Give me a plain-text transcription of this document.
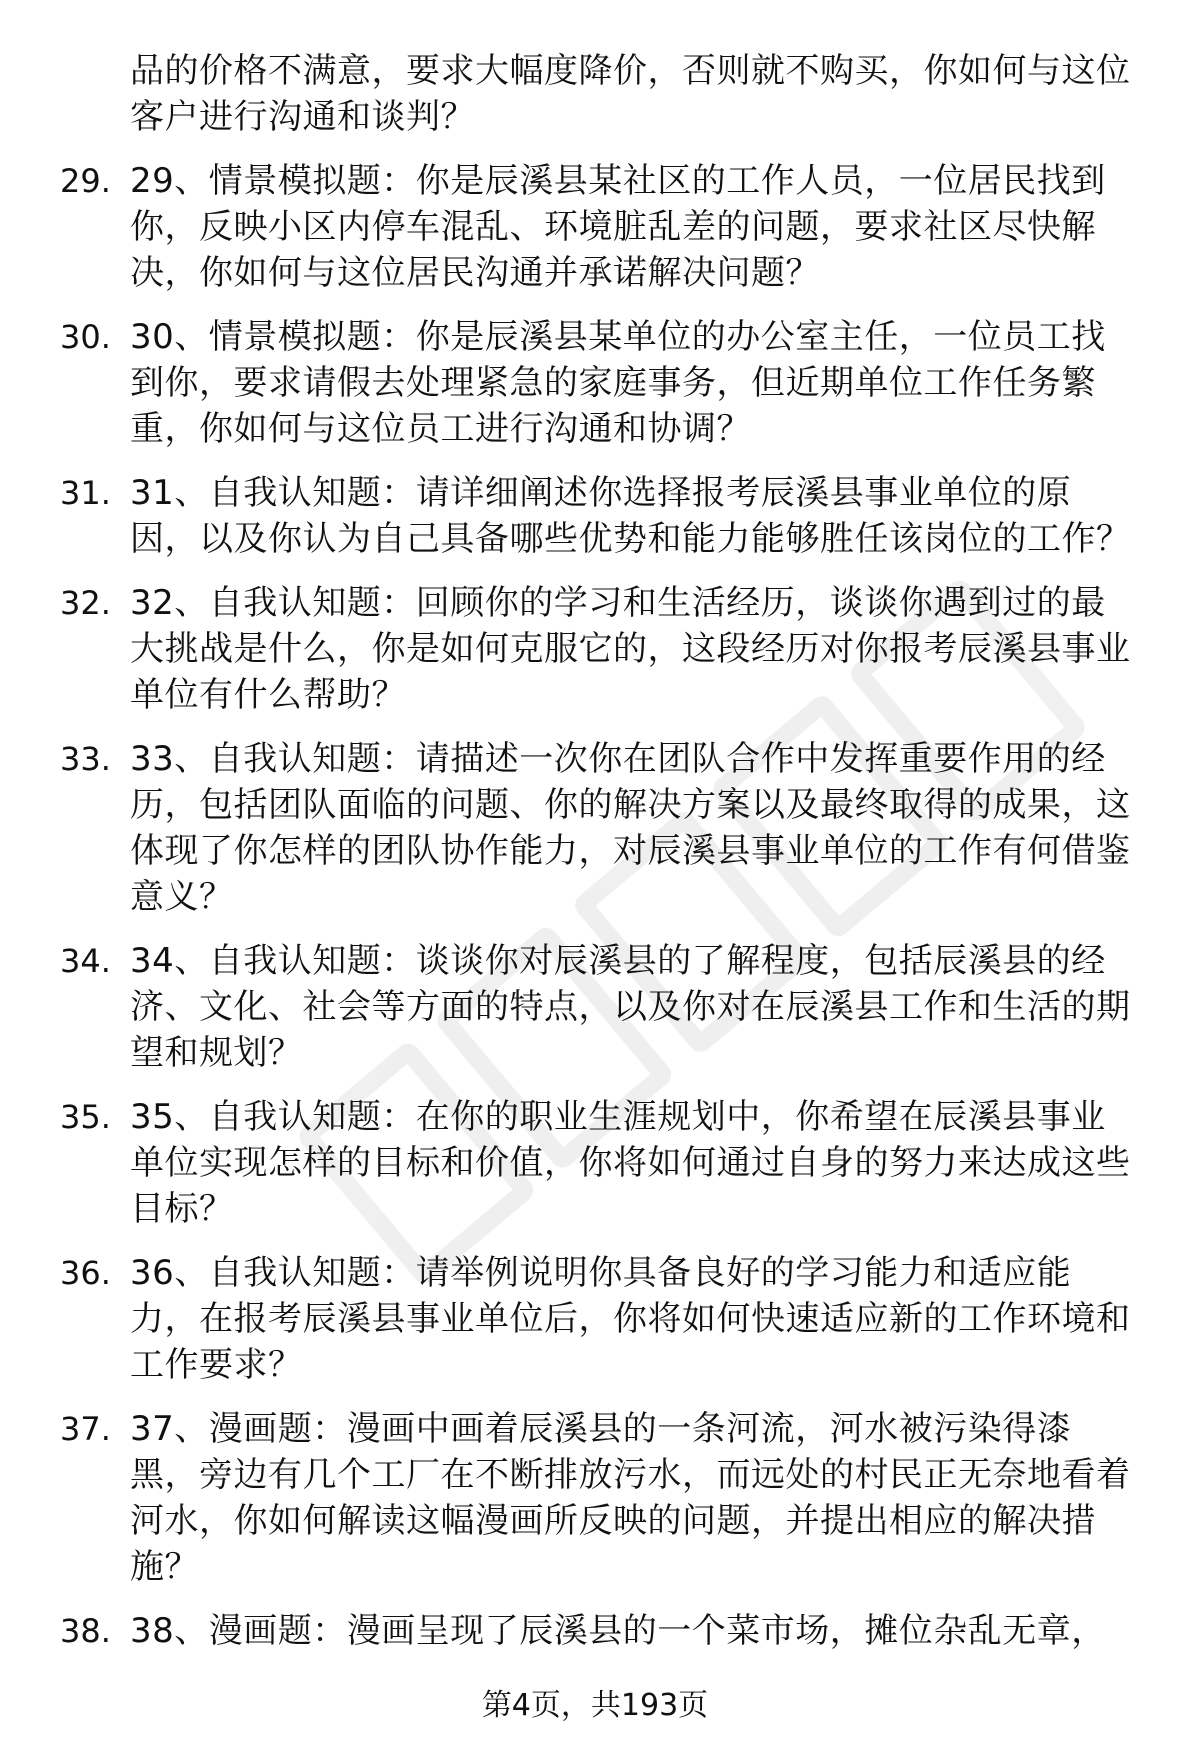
品的价格不满意，要求大幅度降价，否则就不购买，你如何与这位客户进行沟通和谈判？
29. 29、情景模拟题：你是辰溪县某社区的工作人员，一位居民找到你，反映小区内停车混乱、环境脏乱差的问题，要求社区尽快解决，你如何与这位居民沟通并承诺解决问题？
30. 30、情景模拟题：你是辰溪县某单位的办公室主任，一位员工找到你，要求请假去处理紧急的家庭事务，但近期单位工作任务繁重，你如何与这位员工进行沟通和协调？
31. 31、自我认知题：请详细阐述你选择报考辰溪县事业单位的原因，以及你认为自己具备哪些优势和能力能够胜任该岗位的工作？
32. 32、自我认知题：回顾你的学习和生活经历，谈谈你遇到过的最大挑战是什么，你是如何克服它的，这段经历对你报考辰溪县事业单位有什么帮助？
33. 33、自我认知题：请描述一次你在团队合作中发挥重要作用的经历，包括团队面临的问题、你的解决方案以及最终取得的成果，这体现了你怎样的团队协作能力，对辰溪县事业单位的工作有何借鉴意义？
34. 34、自我认知题：谈谈你对辰溪县的了解程度，包括辰溪县的经济、文化、社会等方面的特点，以及你对在辰溪县工作和生活的期望和规划？
35. 35、自我认知题：在你的职业生涯规划中，你希望在辰溪县事业单位实现怎样的目标和价值，你将如何通过自身的努力来达成这些目标？
36. 36、自我认知题：请举例说明你具备良好的学习能力和适应能力，在报考辰溪县事业单位后，你将如何快速适应新的工作环境和工作要求？
37. 37、漫画题：漫画中画着辰溪县的一条河流，河水被污染得漆黑，旁边有几个工厂在不断排放污水，而远处的村民正无奈地看着河水，你如何解读这幅漫画所反映的问题，并提出相应的解决措施？
38. 38、漫画题：漫画呈现了辰溪县的一个菜市场，摊位杂乱无章，
第4页，共193页
